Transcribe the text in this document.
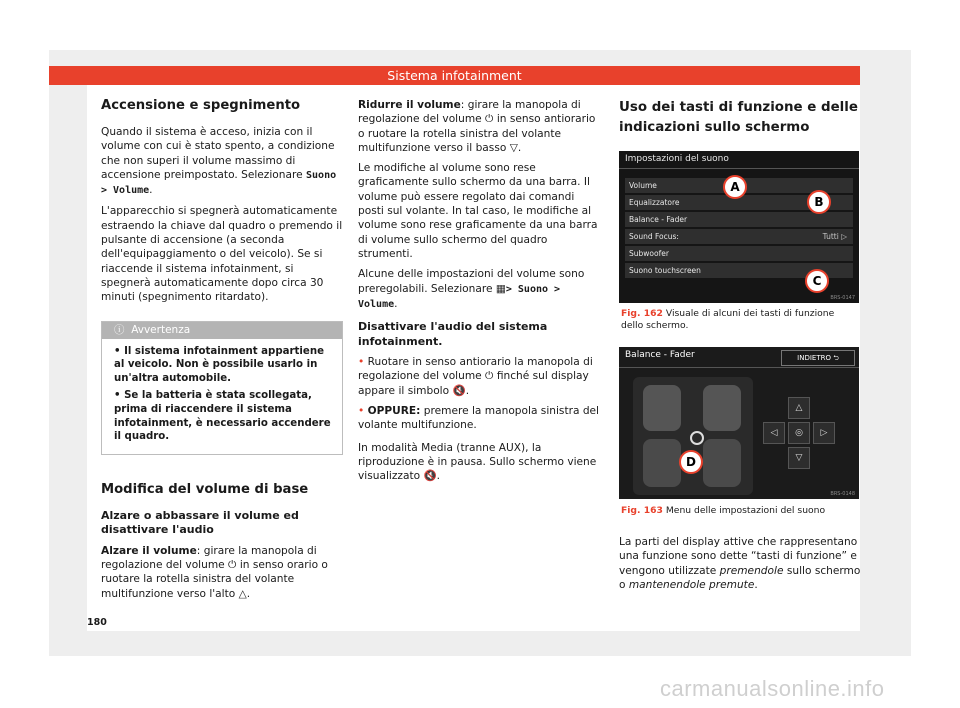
Sistema infotainment
Accensione e spegnimento

Quando il sistema è acceso, inizia con il volume con cui è stato spento, a condizione che non superi il volume massimo di accensione preimpostato. Selezionare Suono > Volume.

L'apparecchio si spegnerà automaticamente estraendo la chiave dal quadro o premendo il pulsante di accensione (a seconda dell'equipaggiamento o del veicolo). Se si riaccende il sistema infotainment, si spegnerà automaticamente dopo circa 30 minuti (spegnimento ritardato).

ⓘ Avvertenza
• Il sistema infotainment appartiene al veicolo. Non è possibile usarlo in un'altra automobile.
• Se la batteria è stata scollegata, prima di riaccendere il sistema infotainment, è necessario accendere il quadro.
Modifica del volume di base
Alzare o abbassare il volume ed disattivare l'audio

Alzare il volume: girare la manopola di regolazione del volume ⏻ in senso orario o ruotare la rotella sinistra del volante multifunzione verso l'alto △.

Ridurre il volume: girare la manopola di regolazione del volume ⏻ in senso antiorario o ruotare la rotella sinistra del volante multifunzione verso il basso ▽.

Le modifiche al volume sono rese graficamente sullo schermo da una barra. Il volume può essere regolato dai comandi posti sul volante. In tal caso, le modifiche al volume sono rese graficamente da una barra di volume sullo schermo del quadro strumenti.

Alcune delle impostazioni del volume sono preregolabili. Selezionare ▦> Suono > Volume.

Disattivare l'audio del sistema infotainment.

• Ruotare in senso antiorario la manopola di regolazione del volume ⏻ finché sul display appare il simbolo 🔇.

• OPPURE: premere la manopola sinistra del volante multifunzione.

In modalità Media (tranne AUX), la riproduzione è in pausa. Sullo schermo viene visualizzato 🔇.

Uso dei tasti di funzione e delle indicazioni sullo schermo
Impostazioni del suono
Volume
Equalizzatore
Balance - Fader
Sound Focus:	Tutti ▷
Subwoofer
Suono touchscreen
A
B
C
BRS-0147
Fig. 162 Visuale di alcuni dei tasti di funzione dello schermo.
Balance - Fader	INDIETRO ⮌
D
△
◁	◎	▷
▽
BRS-0148
Fig. 163 Menu delle impostazioni del suono

La parti del display attive che rappresentano una funzione sono dette “tasti di funzione” e vengono utilizzate premendole sullo schermo o mantenendole premute.

180
carmanualsonline.info
